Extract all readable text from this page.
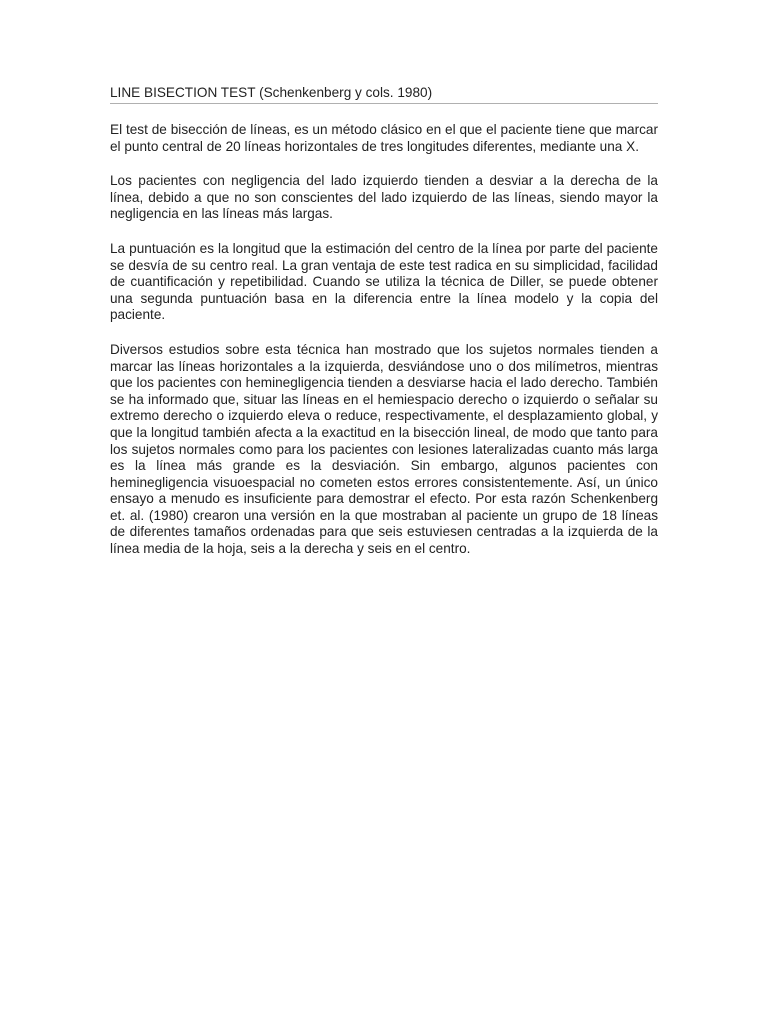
LINE BISECTION TEST (Schenkenberg y cols. 1980)

El test de bisección de líneas, es un método clásico en el que el paciente tiene que marcar el punto central de 20 líneas horizontales de tres longitudes diferentes, mediante una X.

Los pacientes con negligencia del lado izquierdo tienden a desviar a la derecha de la línea, debido a que no son conscientes del lado izquierdo de las líneas, siendo mayor la negligencia en las líneas más largas.

La puntuación es la longitud que la estimación del centro de la línea por parte del paciente se desvía de su centro real. La gran ventaja de este test radica en su simplicidad, facilidad de cuantificación y repetibilidad. Cuando se utiliza la técnica de Diller, se puede obtener una segunda puntuación basa en la diferencia entre la línea modelo y la copia del paciente.

Diversos estudios sobre esta técnica han mostrado que los sujetos normales tienden a marcar las líneas horizontales a la izquierda, desviándose uno o dos milímetros, mientras que los pacientes con heminegligencia tienden a desviarse hacia el lado derecho. También se ha informado que, situar las líneas en el hemiespacio derecho o izquierdo o señalar su extremo derecho o izquierdo eleva o reduce, respectivamente, el desplazamiento global, y que la longitud también afecta a la exactitud en la bisección lineal, de modo que tanto para los sujetos normales como para los pacientes con lesiones lateralizadas cuanto más larga es la línea más grande es la desviación. Sin embargo, algunos pacientes con heminegligencia visuoespacial no cometen estos errores consistentemente. Así, un único ensayo a menudo es insuficiente para demostrar el efecto. Por esta razón Schenkenberg et. al. (1980) crearon una versión en la que mostraban al paciente un grupo de 18 líneas de diferentes tamaños ordenadas para que seis estuviesen centradas a la izquierda de la línea media de la hoja, seis a la derecha y seis en el centro.
